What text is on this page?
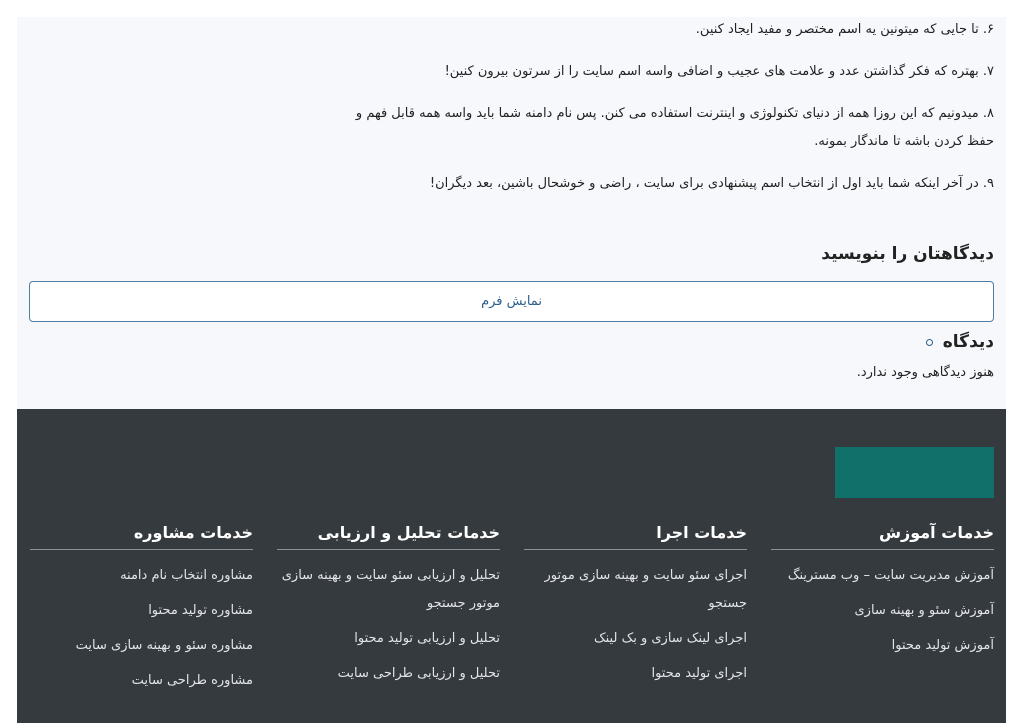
۶. تا جایی که میتونین یه اسم مختصر و مفید ایجاد کنین.

۷. بهتره که فکر گذاشتن عدد و علامت های عجیب و اضافی واسه اسم سایت را از سرتون بیرون کنین!

۸. میدونیم که این روزا همه از دنیای تکنولوژی و اینترنت استفاده می کنن. پس نام دامنه شما باید واسه همه قابل فهم و

حفظ کردن باشه تا ماندگار بمونه.

۹. در آخر اینکه شما باید اول از انتخاب اسم پیشنهادی برای سایت ، راضی و خوشحال باشین، بعد دیگران!

دیدگاهتان را بنویسید
نمایش فرم
دیدگاه

هنوز دیدگاهی وجود ندارد.

خدمات آموزش
آموزش مدیریت سایت – وب مسترینگ
آموزش سئو و بهینه سازی
آموزش تولید محتوا
خدمات اجرا
اجرای سئو سایت و بهینه سازی موتور جستجو
اجرای لینک سازی و بک لینک
اجرای تولید محتوا
خدمات تحلیل و ارزیابی
تحلیل و ارزیابی سئو سایت و بهینه سازی موتور جستجو
تحلیل و ارزیابی تولید محتوا
تحلیل و ارزیابی طراحی سایت
خدمات مشاوره
مشاوره انتخاب نام دامنه
مشاوره تولید محتوا
مشاوره سئو و بهینه سازی سایت
مشاوره طراحی سایت
